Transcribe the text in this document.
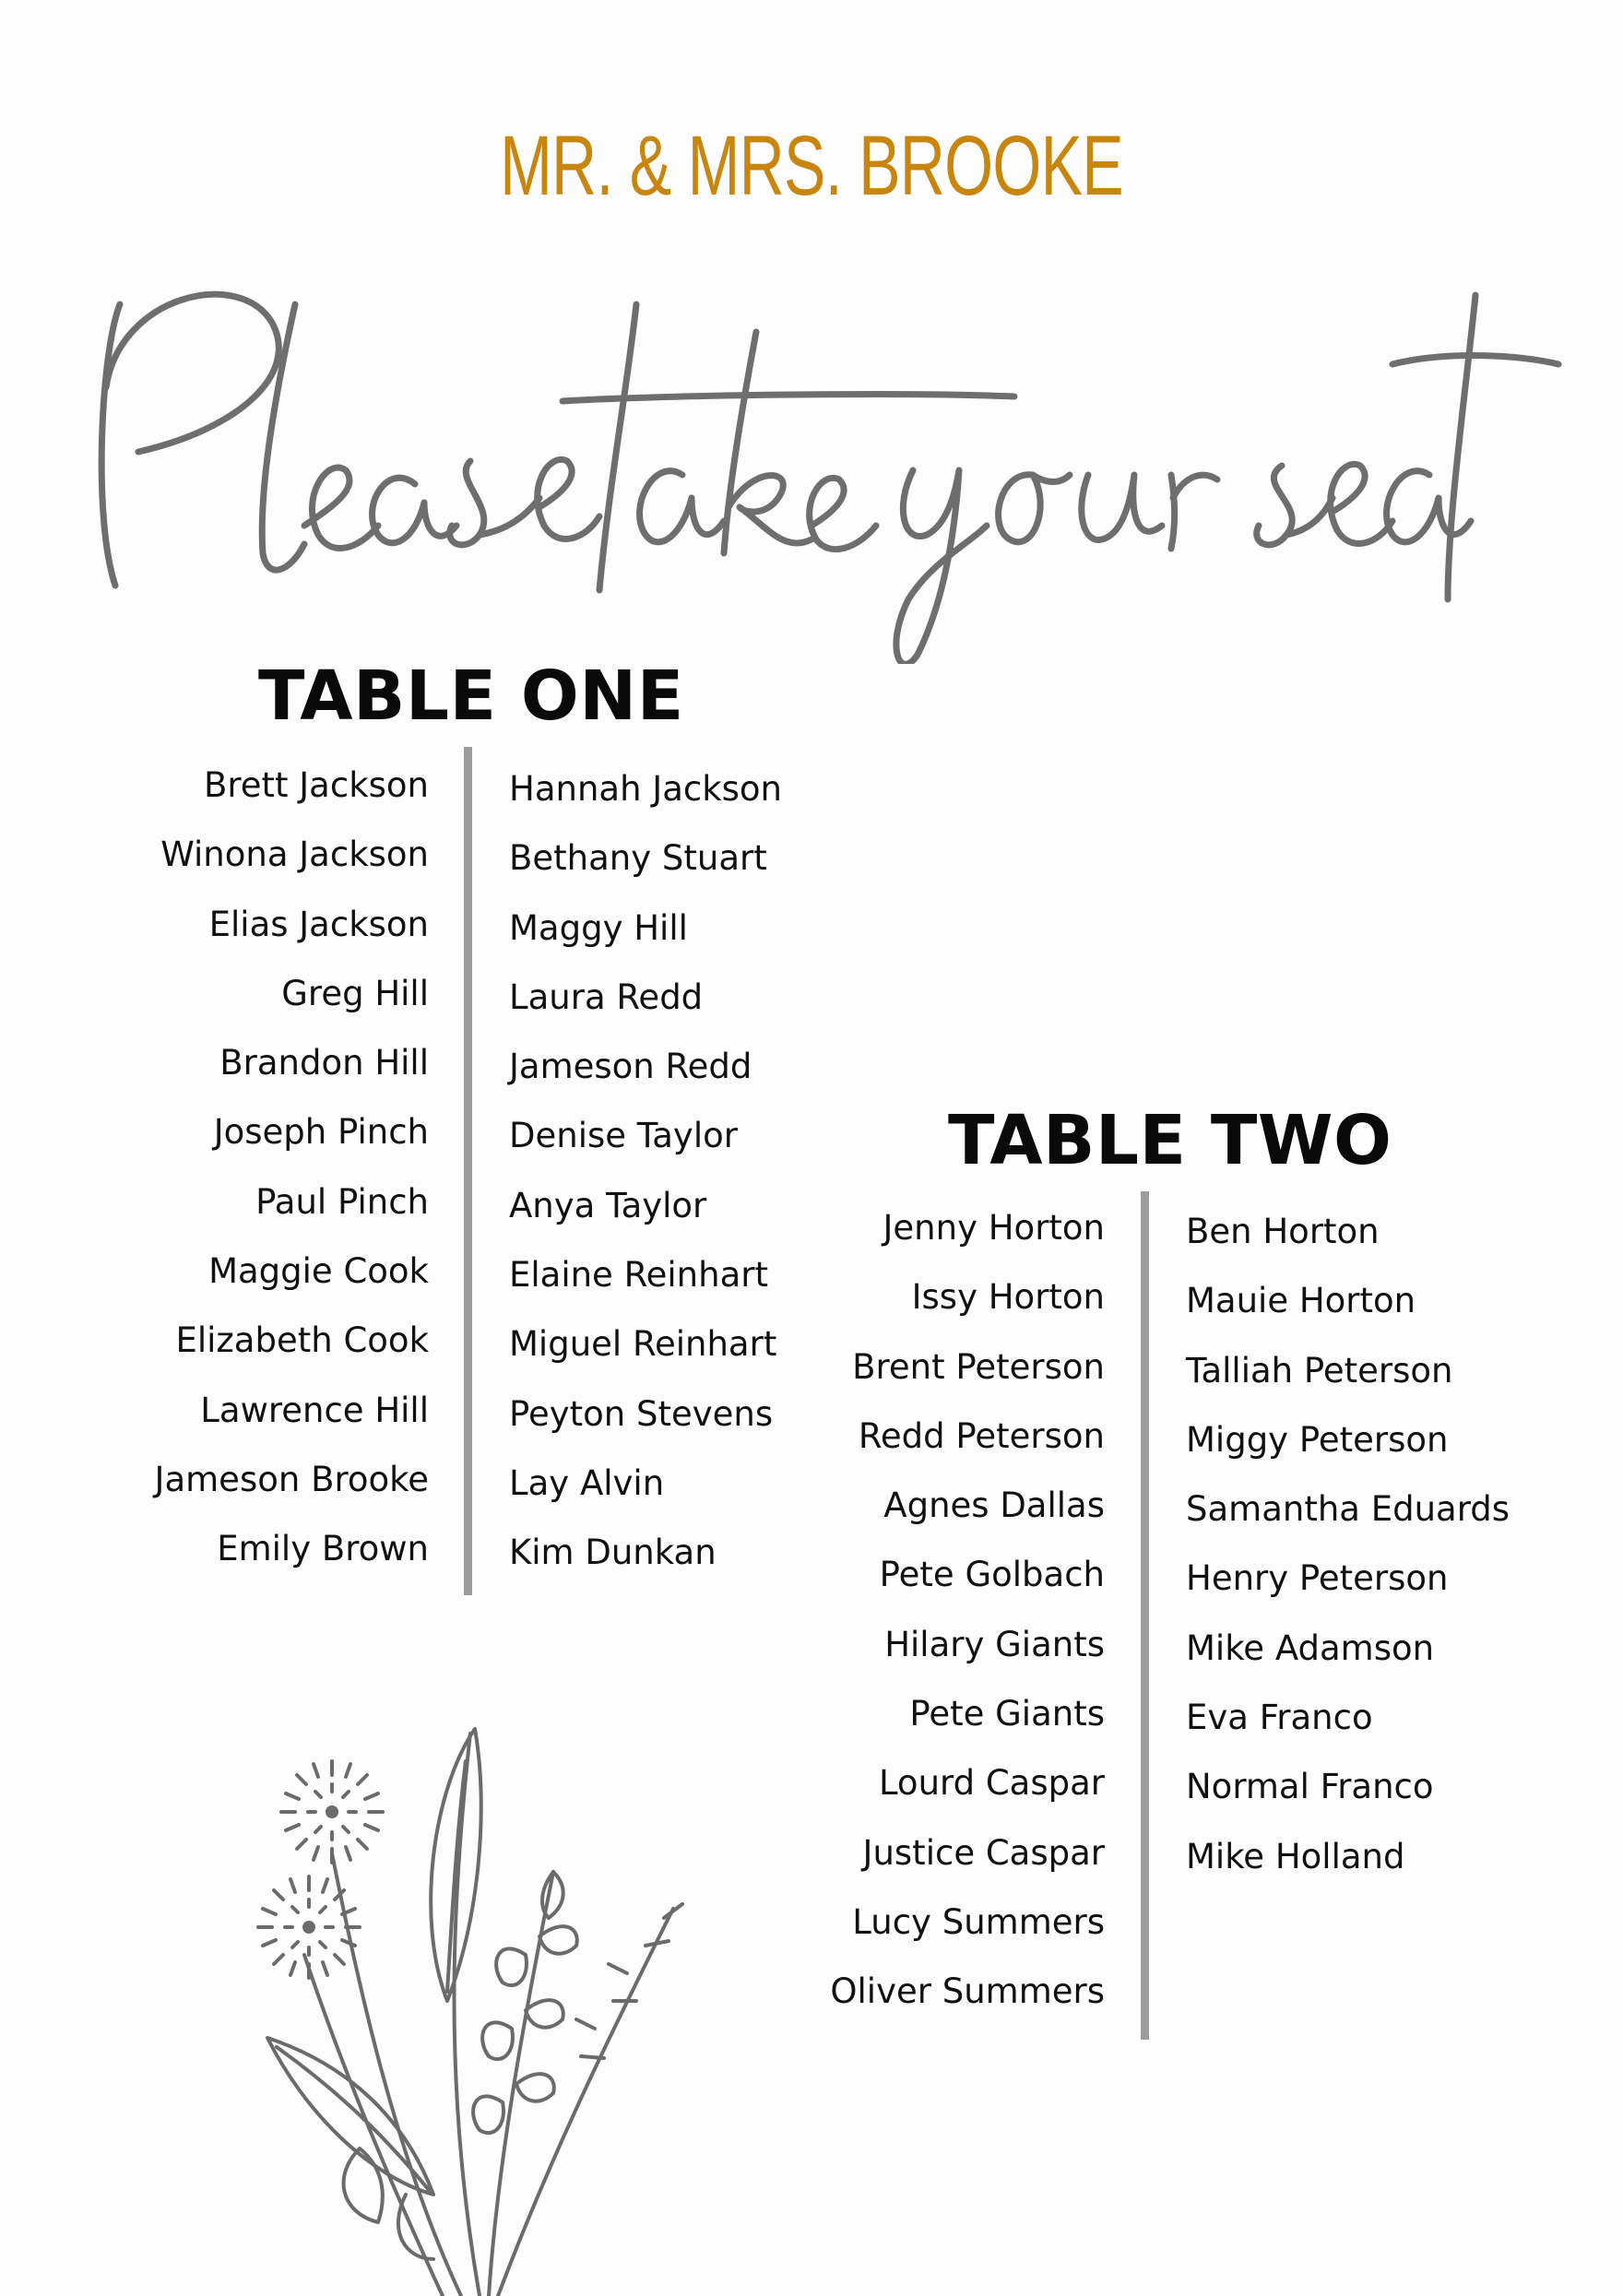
MR. & MRS. BROOKE
TABLE ONE
Brett Jackson
Winona Jackson
Elias Jackson
Greg Hill
Brandon Hill
Joseph Pinch
Paul Pinch
Maggie Cook
Elizabeth Cook
Lawrence Hill
Jameson Brooke
Emily Brown
Hannah Jackson
Bethany Stuart
Maggy Hill
Laura Redd
Jameson Redd
Denise Taylor
Anya Taylor
Elaine Reinhart
Miguel Reinhart
Peyton Stevens
Lay Alvin
Kim Dunkan
TABLE TWO
Jenny Horton
Issy Horton
Brent Peterson
Redd Peterson
Agnes Dallas
Pete Golbach
Hilary Giants
Pete Giants
Lourd Caspar
Justice Caspar
Lucy Summers
Oliver Summers
Ben Horton
Mauie Horton
Talliah Peterson
Miggy Peterson
Samantha Eduards
Henry Peterson
Mike Adamson
Eva Franco
Normal Franco
Mike Holland
